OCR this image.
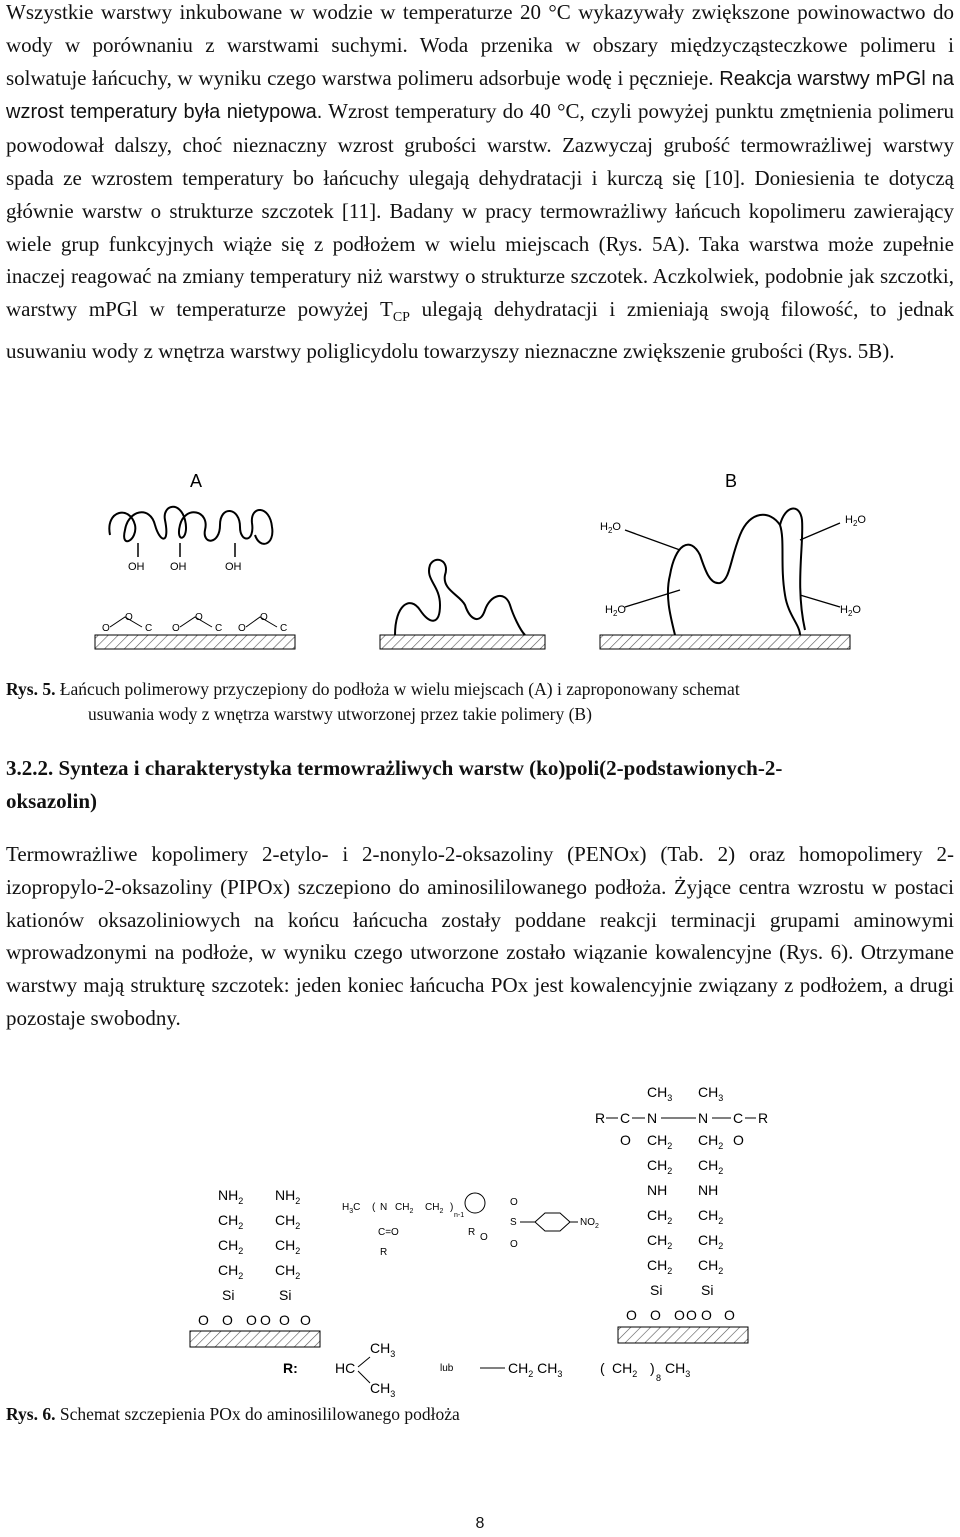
Wszystkie warstwy inkubowane w wodzie w temperaturze 20 °C wykazywały zwiększone powinowactwo do wody w porównaniu z warstwami suchymi. Woda przenika w obszary międzycząsteczkowe polimeru i solwatuje łańcuchy, w wyniku czego warstwa polimeru adsorbuje wodę i pęcznieje. Reakcja warstwy mPGl na wzrost temperatury była nietypowa. Wzrost temperatury do 40 °C, czyli powyżej punktu zmętnienia polimeru powodował dalszy, choć nieznaczny wzrost grubości warstw. Zazwyczaj grubość termowrażliwej warstwy spada ze wzrostem temperatury bo łańcuchy ulegają dehydratacji i kurczą się [10]. Doniesienia te dotyczą głównie warstw o strukturze szczotek [11]. Badany w pracy termowrażliwy łańcuch kopolimeru zawierający wiele grup funkcyjnych wiąże się z podłożem w wielu miejscach (Rys. 5A). Taka warstwa może zupełnie inaczej reagować na zmiany temperatury niż warstwy o strukturze szczotek. Aczkolwiek, podobnie jak szczotki, warstwy mPGl w temperaturze powyżej $T_{CP}$ ulegają dehydratacji i zmieniają swoją filowość, to jednak usuwaniu wody z wnętrza warstwy poliglicydolu towarzyszy nieznaczne zwiększenie grubości (Rys. 5B).

A	B
OH OH	OH
O
O
C O
O
C O
O
C
$H_2O$
$H_2O$
$H_2O$	$H_2O$
Rys. 5. Łańcuch polimerowy przyczepiony do podłoża w wielu miejscach (A) i zaproponowany schemat
usuwania wody z wnętrza warstwy utworzonej przez takie polimery (B)
3.2.2. Synteza i charakterystyka termowrażliwych warstw (ko)poli(2-podstawionych-2-
oksazolin)

Termowrażliwe kopolimery 2-etylo- i 2-nonylo-2-oksazoliny (PENOx) (Tab. 2) oraz homopolimery 2-izopropylo-2-oksazoliny (PIPOx) szczepiono do aminosililowanego podłoża. Żyjące centra wzrostu w postaci kationów oksazoliniowych na końcu łańcucha zostały poddane reakcji terminacji grupami aminowymi wprowadzonymi na podłoże, w wyniku czego utworzone zostało wiązanie kowalencyjne (Rys. 6). Otrzymane warstwy mają strukturę szczotek: jeden koniec łańcucha POx jest kowalencyjnie związany z podłożem, a drugi pozostaje swobodny.

$NH_2$
$CH_2$
$CH_2$
$CH_2$
Si
O O O
$NH_2$
$CH_2$
$CH_2$
$CH_2$
Si
O O O
$H_3C$ ( N $CH_2$ $CH_2$ )
n-1
C=O
R
R O
S
O
O
$NO_2$
R C
O
$CH_3$
N
$CH_2$
$CH_2$
NH
$CH_2$
$CH_2$
$CH_2$
Si
O O O
$CH_3$
N C R
O
$CH_2$
$CH_2$
NH
$CH_2$
$CH_2$
$CH_2$
Si
O O O
R:	HC
$CH_3$
$CH_3$
lub	$CH_2$ $CH_3$	( $CH_2$ )
8
$CH_3$
Rys. 6. Schemat szczepienia POx do aminosililowanego podłoża
8
